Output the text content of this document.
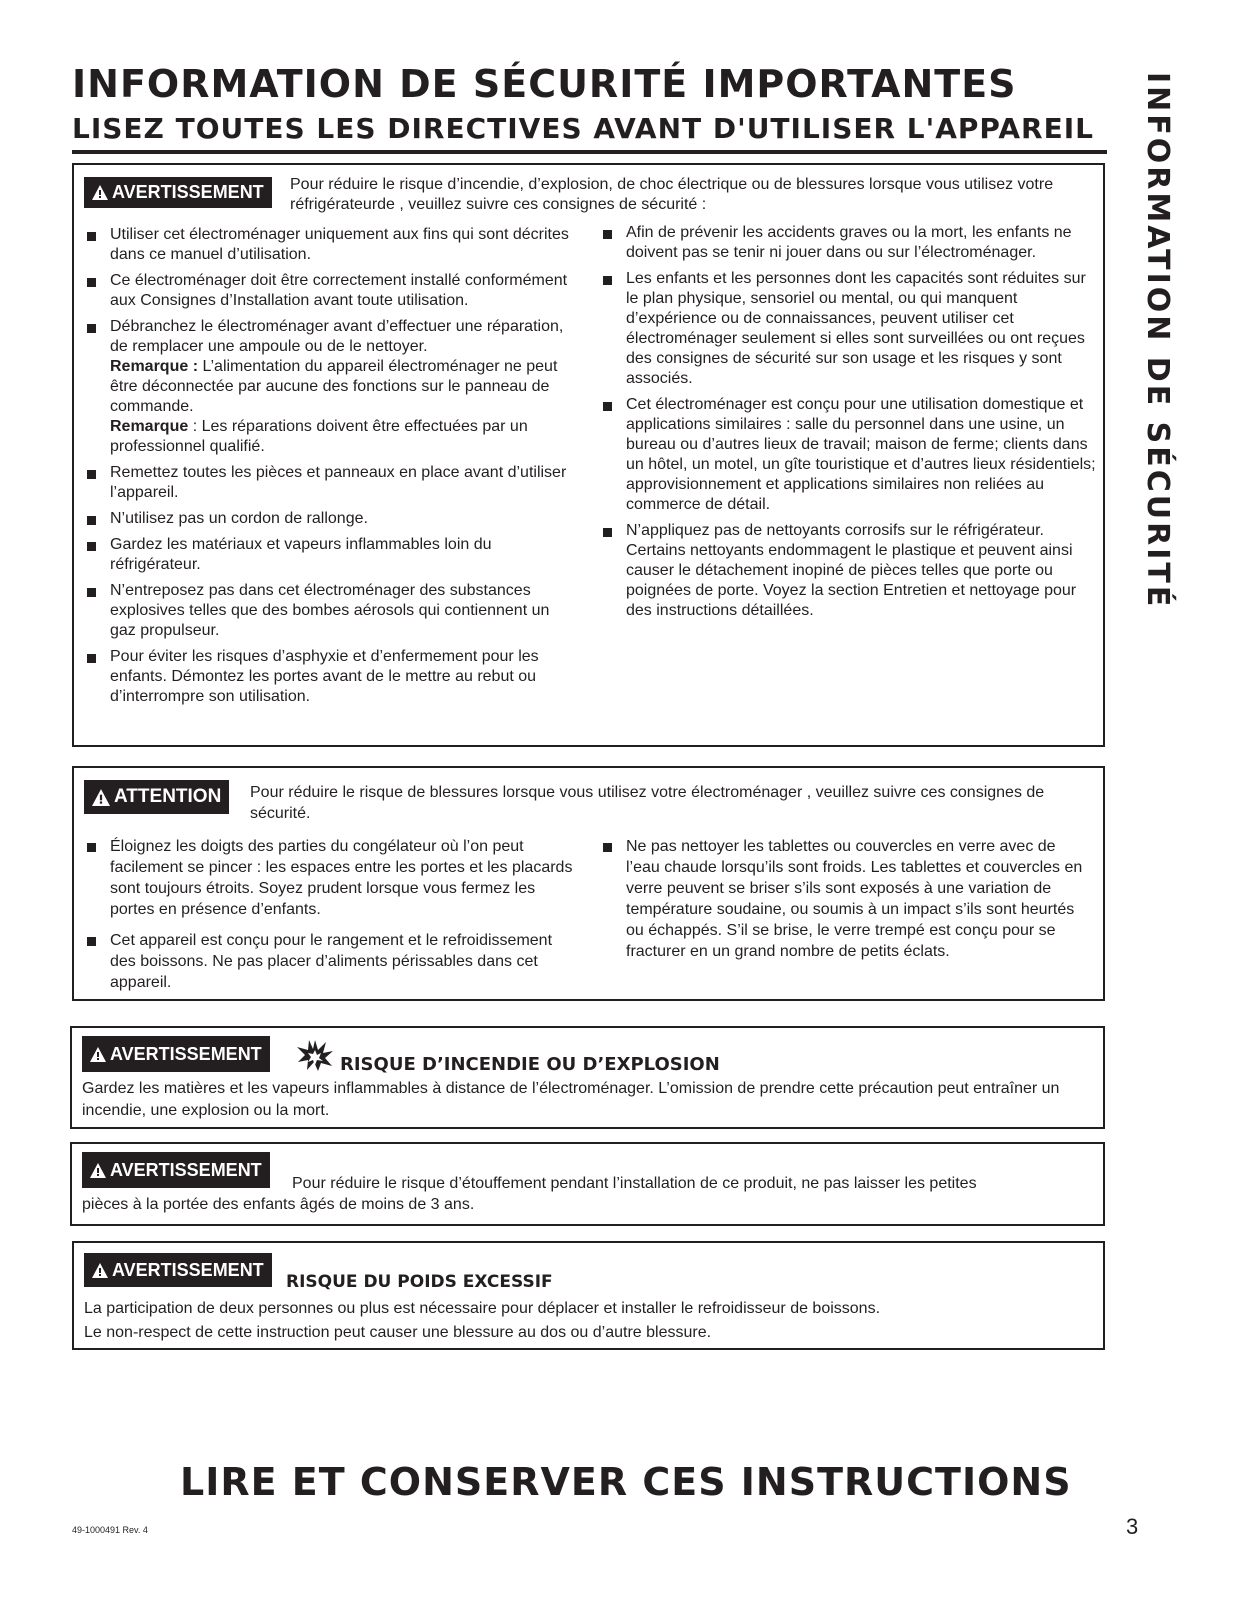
INFORMATION DE SÉCURITÉ IMPORTANTES
LISEZ TOUTES LES DIRECTIVES AVANT D'UTILISER L'APPAREIL INFORMATION DE SÉCURITÉ
AVERTISSEMENT Pour réduire le risque d’incendie, d’explosion, de choc électrique ou de blessures lorsque vous utilisez votre réfrigérateurde , veuillez suivre ces consignes de sécurité :
Utiliser cet électroménager uniquement aux fins qui sont décrites dans ce manuel d’utilisation.
Ce électroménager doit être correctement installé conformément aux Consignes d’Installation avant toute utilisation.
Débranchez le électroménager avant d’effectuer une réparation, de remplacer une ampoule ou de le nettoyer.
Remarque : L’alimentation du appareil électroménager ne peut être déconnectée par aucune des fonctions sur le panneau de commande.
Remarque : Les réparations doivent être effectuées par un professionnel qualifié.
Remettez toutes les pièces et panneaux en place avant d’utiliser l’appareil.
N’utilisez pas un cordon de rallonge.
Gardez les matériaux et vapeurs inflammables loin du réfrigérateur.
N’entreposez pas dans cet électroménager des substances explosives telles que des bombes aérosols qui contiennent un gaz propulseur.
Pour éviter les risques d’asphyxie et d’enfermement pour les enfants. Démontez les portes avant de le mettre au rebut ou d’interrompre son utilisation.
Afin de prévenir les accidents graves ou la mort, les enfants ne doivent pas se tenir ni jouer dans ou sur l’électroménager.
Les enfants et les personnes dont les capacités sont réduites sur le plan physique, sensoriel ou mental, ou qui manquent d’expérience ou de connaissances, peuvent utiliser cet électroménager seulement si elles sont surveillées ou ont reçues des consignes de sécurité sur son usage et les risques y sont associés.
Cet électroménager est conçu pour une utilisation domestique et applications similaires : salle du personnel dans une usine, un bureau ou d’autres lieux de travail; maison de ferme; clients dans un hôtel, un motel, un gîte touristique et d’autres lieux résidentiels; approvisionnement et applications similaires non reliées au commerce de détail.
N’appliquez pas de nettoyants corrosifs sur le réfrigérateur. Certains nettoyants endommagent le plastique et peuvent ainsi causer le détachement inopiné de pièces telles que porte ou poignées de porte. Voyez la section Entretien et nettoyage pour des instructions détaillées.
ATTENTION Pour réduire le risque de blessures lorsque vous utilisez votre électroménager , veuillez suivre ces consignes de sécurité.
Éloignez les doigts des parties du congélateur où l’on peut facilement se pincer : les espaces entre les portes et les placards sont toujours étroits. Soyez prudent lorsque vous fermez les portes en présence d’enfants.
Cet appareil est conçu pour le rangement et le refroidissement des boissons. Ne pas placer d’aliments périssables dans cet appareil.
Ne pas nettoyer les tablettes ou couvercles en verre avec de l’eau chaude lorsqu’ils sont froids. Les tablettes et couvercles en verre peuvent se briser s’ils sont exposés à une variation de température soudaine, ou soumis à un impact s’ils sont heurtés ou échappés. S’il se brise, le verre trempé est conçu pour se fracturer en un grand nombre de petits éclats.
AVERTISSEMENT
RISQUE D’INCENDIE OU D’EXPLOSION
Gardez les matières et les vapeurs inflammables à distance de l’électroménager. L’omission de prendre cette précaution peut entraîner un incendie, une explosion ou la mort.
AVERTISSEMENT
Pour réduire le risque d’étouffement pendant l’installation de ce produit, ne pas laisser les petites
pièces à la portée des enfants âgés de moins de 3 ans.
AVERTISSEMENT
RISQUE DU POIDS EXCESSIF
La participation de deux personnes ou plus est nécessaire pour déplacer et installer le refroidisseur de boissons.
Le non-respect de cette instruction peut causer une blessure au dos ou d’autre blessure.
LIRE ET CONSERVER CES INSTRUCTIONS
49-1000491 Rev. 4	3
